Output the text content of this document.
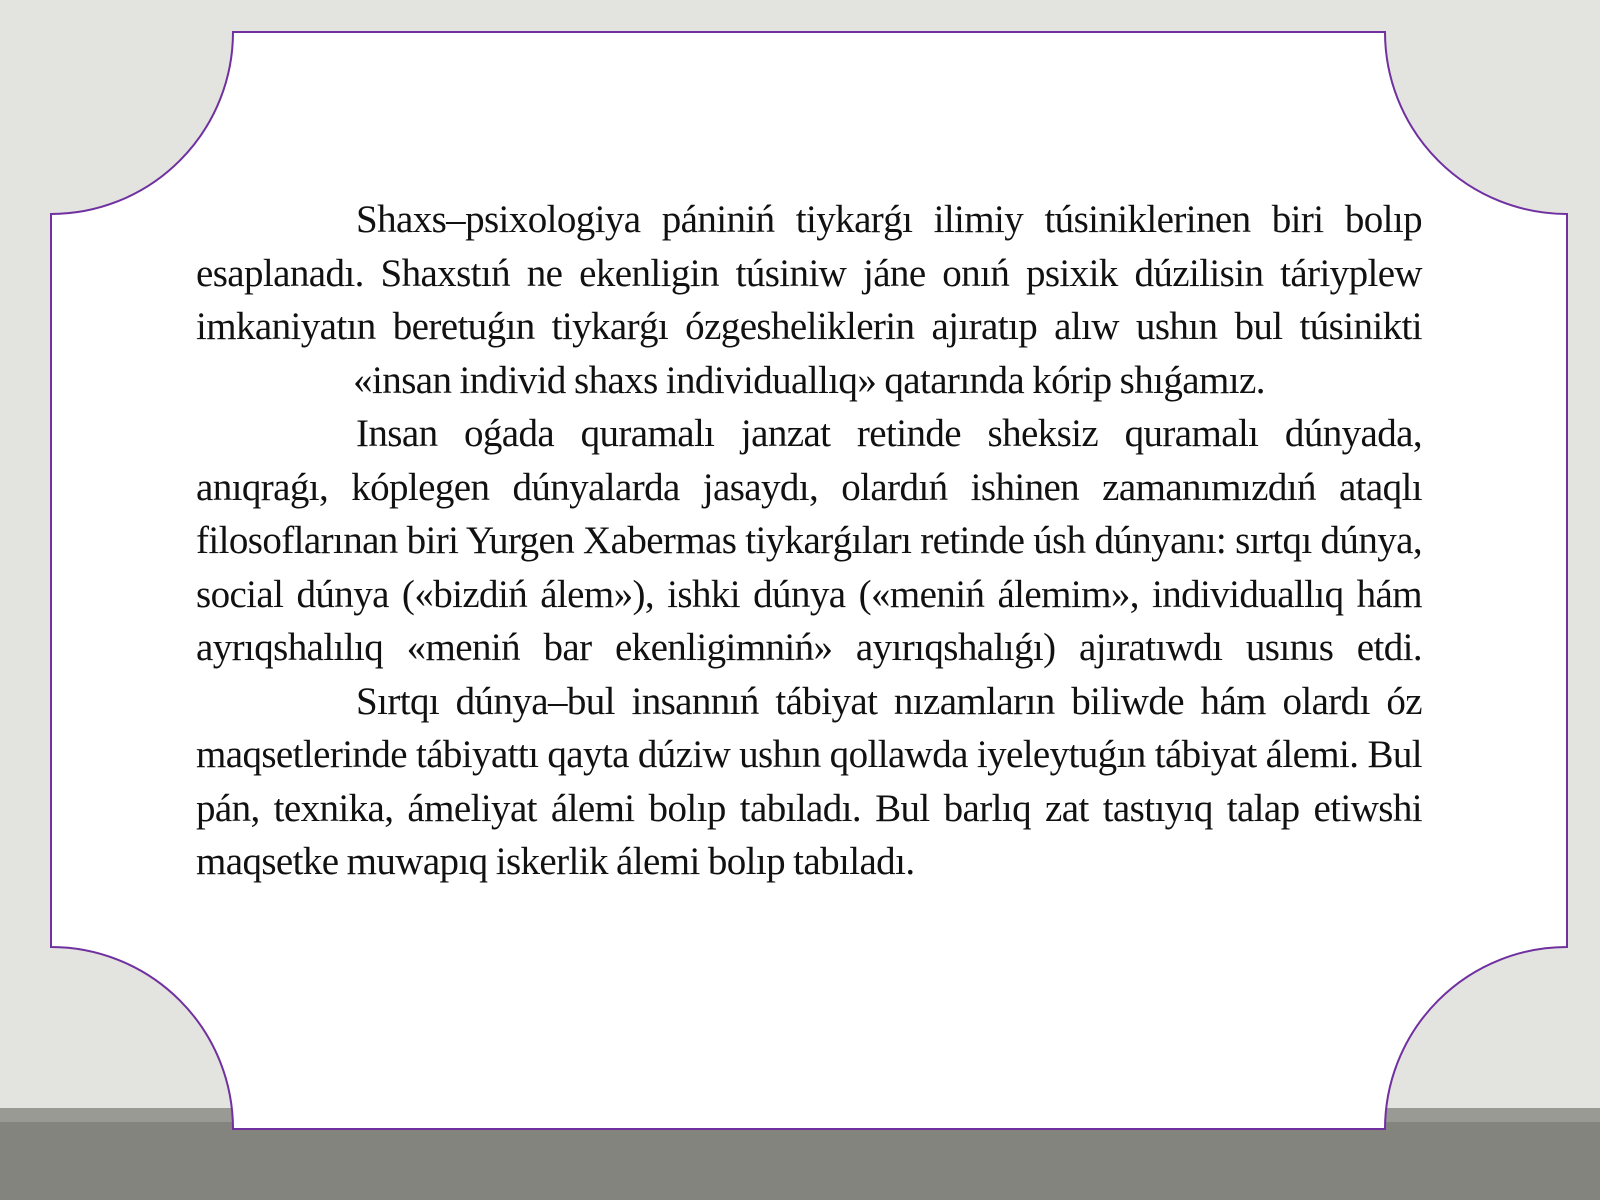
Shaxs–psixologiya pániniń tiykarǵı ilimiy túsiniklerinen biri bolıp esaplanadı. Shaxstıń ne ekenligin túsiniw jáne onıń psixik dúzilisin táriyplew imkaniyatın beretuǵın tiykarǵı ózgesheliklerin ajıratıp alıw ushın bul túsinikti «insan individ shaxs individuallıq» qatarında kórip shıǵamız.

Insan oǵada quramalı janzat retinde sheksiz quramalı dúnyada, anıqraǵı, kóplegen dúnyalarda jasaydı, olardıń ishinen zamanımızdıń ataqlı filosoflarınan biri Yurgen Xabermas tiykarǵıları retinde úsh dúnyanı: sırtqı dúnya, social dúnya («bizdiń álem»), ishki dúnya («meniń álemim», individuallıq hám ayrıqshalılıq «meniń bar ekenligimniń» ayırıqshalıǵı) ajıratıwdı usınıs etdi.

Sırtqı dúnya–bul insannıń tábiyat nızamların biliwde hám olardı óz maqsetlerinde tábiyattı qayta dúziw ushın qollawda iyeleytuǵın tábiyat álemi. Bul pán, texnika, ámeliyat álemi bolıp tabıladı. Bul barlıq zat tastıyıq talap etiwshi maqsetke muwapıq iskerlik álemi bolıp tabıladı.
